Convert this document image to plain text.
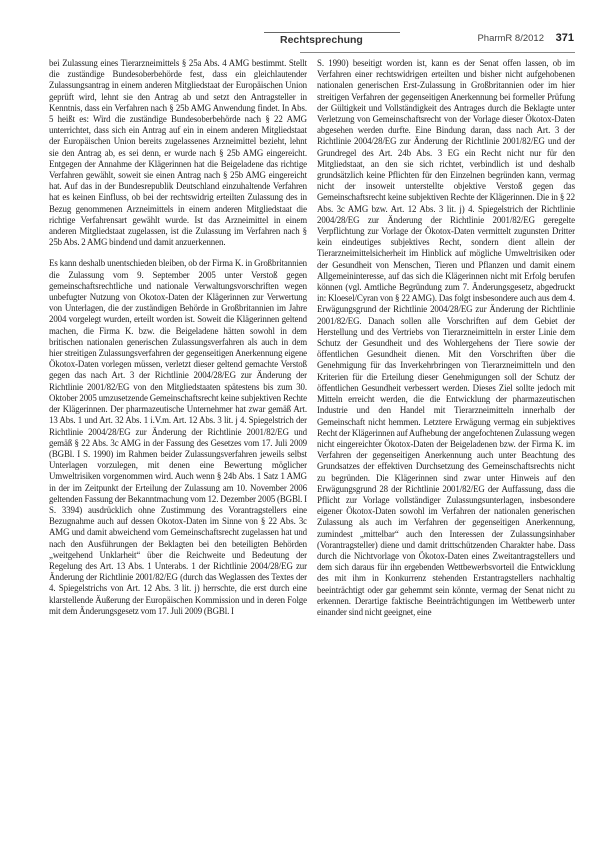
Rechtsprechung	PharmR 8/2012 371

bei Zulassung eines Tierarzneimittels § 25a Abs. 4 AMG bestimmt. Stellt die zuständige Bundesoberbehörde fest, dass ein gleichlautender Zulassungsantrag in einem anderen Mitgliedstaat der Europäischen Union geprüft wird, lehnt sie den Antrag ab und setzt den Antragsteller in Kenntnis, dass ein Verfahren nach § 25b AMG Anwendung findet. In Abs. 5 heißt es: Wird die zuständige Bundesoberbehörde nach § 22 AMG unterrichtet, dass sich ein Antrag auf ein in einem anderen Mitgliedstaat der Europäischen Union bereits zugelassenes Arzneimittel bezieht, lehnt sie den Antrag ab, es sei denn, er wurde nach § 25b AMG eingereicht. Entgegen der Annahme der Klägerinnen hat die Beigeladene das richtige Verfahren gewählt, soweit sie einen Antrag nach § 25b AMG eingereicht hat. Auf das in der Bundesrepublik Deutschland einzuhaltende Verfahren hat es keinen Einfluss, ob bei der rechtswidrig erteilten Zulassung des in Bezug genommenen Arzneimittels in einem anderen Mitgliedstaat die richtige Verfahrensart gewählt wurde. Ist das Arzneimittel in einem anderen Mitgliedstaat zugelassen, ist die Zulassung im Verfahren nach § 25b Abs. 2 AMG bindend und damit anzuerkennen.

Es kann deshalb unentschieden bleiben, ob der Firma K. in Großbritannien die Zulassung vom 9. September 2005 unter Verstoß gegen gemeinschaftsrechtliche und nationale Verwaltungsvorschriften wegen unbefugter Nutzung von Okotox-Daten der Klägerinnen zur Verwertung von Unterlagen, die der zuständigen Behörde in Großbritannien im Jahre 2004 vorgelegt wurden, erteilt worden ist. Soweit die Klägerinnen geltend machen, die Firma K. bzw. die Beigeladene hätten sowohl in dem britischen nationalen generischen Zulassungsverfahren als auch in dem hier streitigen Zulassungsverfahren der gegenseitigen Anerkennung eigene Ökotox-Daten vorlegen müssen, verletzt dieser geltend gemachte Verstoß gegen das nach Art. 3 der Richtlinie 2004/28/EG zur Änderung der Richtlinie 2001/82/EG von den Mitgliedstaaten spätestens bis zum 30. Oktober 2005 umzusetzende Gemeinschaftsrecht keine subjektiven Rechte der Klägerinnen. Der pharmazeutische Unternehmer hat zwar gemäß Art. 13 Abs. 1 und Art. 32 Abs. 1 i.V.m. Art. 12 Abs. 3 lit. j 4. Spiegelstrich der Richtlinie 2004/28/EG zur Änderung der Richtlinie 2001/82/EG und gemäß § 22 Abs. 3c AMG in der Fassung des Gesetzes vom 17. Juli 2009 (BGBl. I S. 1990) im Rahmen beider Zulassungsverfahren jeweils selbst Unterlagen vorzulegen, mit denen eine Bewertung möglicher Umweltrisiken vorgenommen wird. Auch wenn § 24b Abs. 1 Satz 1 AMG in der im Zeitpunkt der Erteilung der Zulassung am 10. November 2006 geltenden Fassung der Bekanntmachung vom 12. Dezember 2005 (BGBl. I S. 3394) ausdrücklich ohne Zustimmung des Vorantragstellers eine Bezugnahme auch auf dessen Okotox-Daten im Sinne von § 22 Abs. 3c AMG und damit abweichend vom Gemeinschaftsrecht zugelassen hat und nach den Ausführungen der Beklagten bei den beteiligten Behörden „weitgehend Unklarheit“ über die Reichweite und Bedeutung der Regelung des Art. 13 Abs. 1 Unterabs. 1 der Richtlinie 2004/28/EG zur Änderung der Richtlinie 2001/82/EG (durch das Weglassen des Textes der 4. Spiegelstrichs von Art. 12 Abs. 3 lit. j) herrschte, die erst durch eine klarstellende Äußerung der Europäischen Kommission und in deren Folge mit dem Änderungsgesetz vom 17. Juli 2009 (BGBl. I

S. 1990) beseitigt worden ist, kann es der Senat offen lassen, ob im Verfahren einer rechtswidrigen erteilten und bisher nicht aufgehobenen nationalen generischen Erst-Zulassung in Großbritannien oder im hier streitigen Verfahren der gegenseitigen Anerkennung bei formeller Prüfung der Gültigkeit und Vollständigkeit des Antrages durch die Beklagte unter Verletzung von Gemeinschaftsrecht von der Vorlage dieser Ökotox-Daten abgesehen werden durfte. Eine Bindung daran, dass nach Art. 3 der Richtlinie 2004/28/EG zur Änderung der Richtlinie 2001/82/EG und der Grundregel des Art. 24b Abs. 3 EG ein Recht nicht nur für den Mitgliedstaat, an den sie sich richtet, verbindlich ist und deshalb grundsätzlich keine Pflichten für den Einzelnen begründen kann, vermag nicht der insoweit unterstellte objektive Verstoß gegen das Gemeinschaftsrecht keine subjektiven Rechte der Klägerinnen. Die in § 22 Abs. 3c AMG bzw. Art. 12 Abs. 3 lit. j) 4. Spiegelstrich der Richtlinie 2004/28/EG zur Änderung der Richtlinie 2001/82/EG geregelte Verpflichtung zur Vorlage der Ökotox-Daten vermittelt zugunsten Dritter kein eindeutiges subjektives Recht, sondern dient allein der Tierarzneimittelsicherheit im Hinblick auf mögliche Umweltrisiken oder der Gesundheit von Menschen, Tieren und Pflanzen und damit einem Allgemeininteresse, auf das sich die Klägerinnen nicht mit Erfolg berufen können (vgl. Amtliche Begründung zum 7. Änderungsgesetz, abgedruckt in: Kloesel/Cyran von § 22 AMG). Das folgt insbesondere auch aus dem 4. Erwägungsgrund der Richtlinie 2004/28/EG zur Änderung der Richtlinie 2001/82/EG. Danach sollen alle Vorschriften auf dem Gebiet der Herstellung und des Vertriebs von Tierarzneimitteln in erster Linie dem Schutz der Gesundheit und des Wohlergehens der Tiere sowie der öffentlichen Gesundheit dienen. Mit den Vorschriften über die Genehmigung für das Inverkehrbringen von Tierarzneimitteln und den Kriterien für die Erteilung dieser Genehmigungen soll der Schutz der öffentlichen Gesundheit verbessert werden. Dieses Ziel sollte jedoch mit Mitteln erreicht werden, die die Entwicklung der pharmazeutischen Industrie und den Handel mit Tierarzneimitteln innerhalb der Gemeinschaft nicht hemmen. Letztere Erwägung vermag ein subjektives Recht der Klägerinnen auf Aufhebung der angefochtenen Zulassung wegen nicht eingereichter Ökotox-Daten der Beigeladenen bzw. der Firma K. im Verfahren der gegenseitigen Anerkennung auch unter Beachtung des Grundsatzes der effektiven Durchsetzung des Gemeinschaftsrechts nicht zu begründen. Die Klägerinnen sind zwar unter Hinweis auf den Erwägungsgrund 28 der Richtlinie 2001/82/EG der Auffassung, dass die Pflicht zur Vorlage vollständiger Zulassungsunterlagen, insbesondere eigener Ökotox-Daten sowohl im Verfahren der nationalen generischen Zulassung als auch im Verfahren der gegenseitigen Anerkennung, zumindest „mittelbar“ auch den Interessen der Zulassungsinhaber (Vorantragsteller) diene und damit drittschützenden Charakter habe. Dass durch die Nichtvorlage von Ökotox-Daten eines Zweitantragstellers und dem sich daraus für ihn ergebenden Wettbewerbsvorteil die Entwicklung des mit ihm in Konkurrenz stehenden Erstantragstellers nachhaltig beeinträchtigt oder gar gehemmt sein könnte, vermag der Senat nicht zu erkennen. Derartige faktische Beeinträchtigungen im Wettbewerb unter einander sind nicht geeignet, eine
